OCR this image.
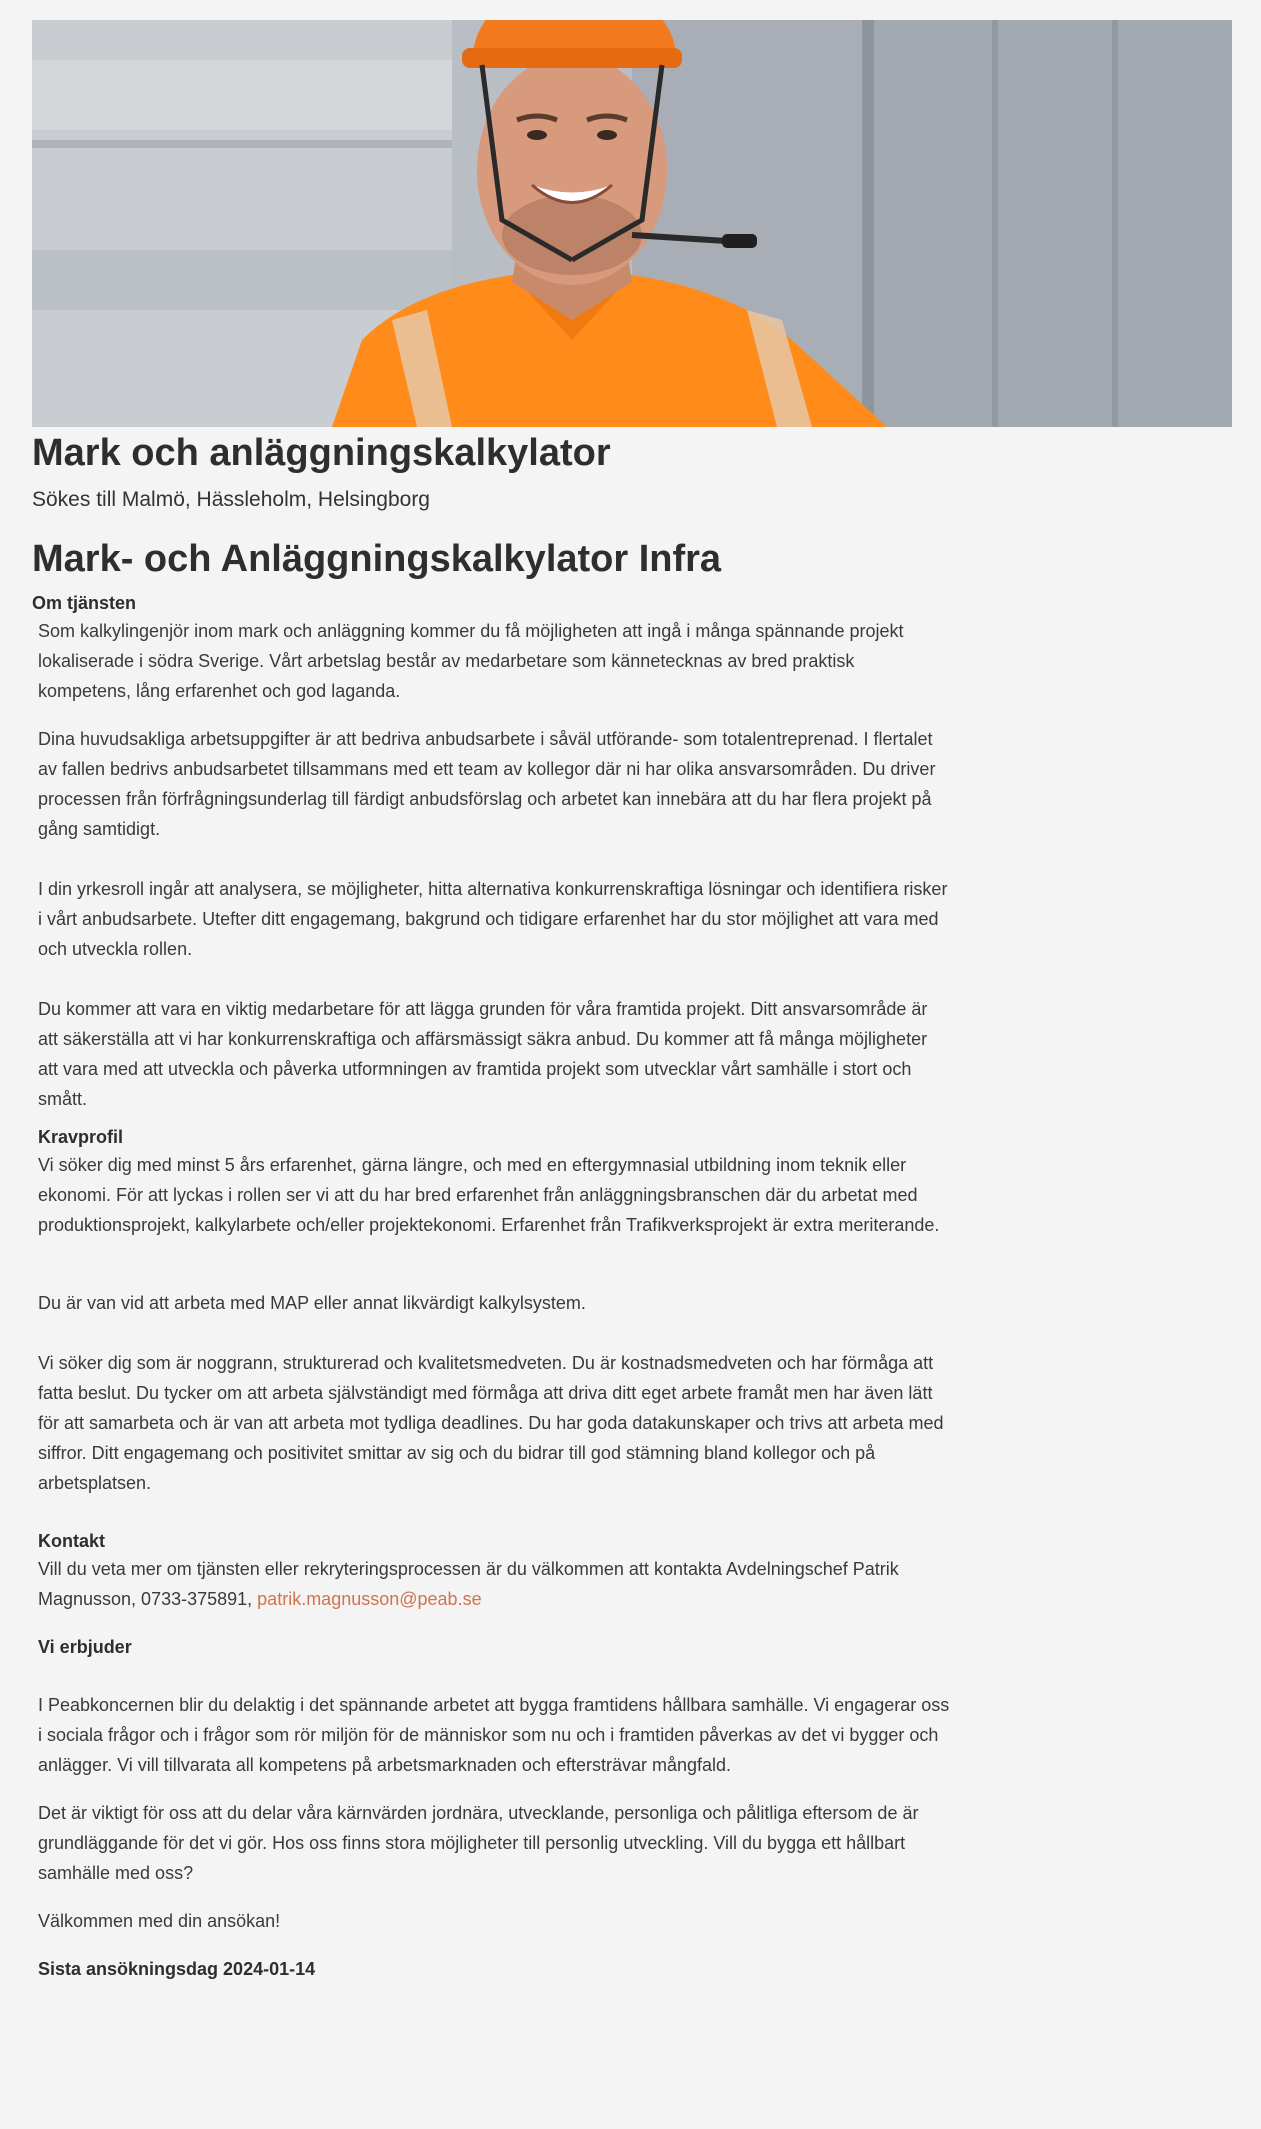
Mark och anläggningskalkylator
Sökes till Malmö, Hässleholm, Helsingborg
Mark- och Anläggningskalkylator Infra
Om tjänsten

Som kalkylingenjör inom mark och anläggning kommer du få möjligheten att ingå i många spännande projekt lokaliserade i södra Sverige. Vårt arbetslag består av medarbetare som kännetecknas av bred praktisk kompetens, lång erfarenhet och god laganda.

Dina huvudsakliga arbetsuppgifter är att bedriva anbudsarbete i såväl utförande- som totalentreprenad. I flertalet av fallen bedrivs anbudsarbetet tillsammans med ett team av kollegor där ni har olika ansvarsområden. Du driver processen från förfrågningsunderlag till färdigt anbudsförslag och arbetet kan innebära att du har flera projekt på gång samtidigt.

I din yrkesroll ingår att analysera, se möjligheter, hitta alternativa konkurrenskraftiga lösningar och identifiera risker i vårt anbudsarbete. Utefter ditt engagemang, bakgrund och tidigare erfarenhet har du stor möjlighet att vara med och utveckla rollen.

Du kommer att vara en viktig medarbetare för att lägga grunden för våra framtida projekt. Ditt ansvarsområde är att säkerställa att vi har konkurrenskraftiga och affärsmässigt säkra anbud. Du kommer att få många möjligheter att vara med att utveckla och påverka utformningen av framtida projekt som utvecklar vårt samhälle i stort och smått.

Kravprofil

Vi söker dig med minst 5 års erfarenhet, gärna längre, och med en eftergymnasial utbildning inom teknik eller ekonomi. För att lyckas i rollen ser vi att du har bred erfarenhet från anläggningsbranschen där du arbetat med produktionsprojekt, kalkylarbete och/eller projektekonomi. Erfarenhet från Trafikverksprojekt är extra meriterande.

Du är van vid att arbeta med MAP eller annat likvärdigt kalkylsystem.

Vi söker dig som är noggrann, strukturerad och kvalitetsmedveten. Du är kostnadsmedveten och har förmåga att fatta beslut. Du tycker om att arbeta självständigt med förmåga att driva ditt eget arbete framåt men har även lätt för att samarbeta och är van att arbeta mot tydliga deadlines. Du har goda datakunskaper och trivs att arbeta med siffror. Ditt engagemang och positivitet smittar av sig och du bidrar till god stämning bland kollegor och på arbetsplatsen.

Kontakt

Vill du veta mer om tjänsten eller rekryteringsprocessen är du välkommen att kontakta Avdelningschef Patrik Magnusson, 0733-375891, patrik.magnusson@peab.se

Vi erbjuder

I Peabkoncernen blir du delaktig i det spännande arbetet att bygga framtidens hållbara samhälle. Vi engagerar oss i sociala frågor och i frågor som rör miljön för de människor som nu och i framtiden påverkas av det vi bygger och anlägger. Vi vill tillvarata all kompetens på arbetsmarknaden och eftersträvar mångfald.

Det är viktigt för oss att du delar våra kärnvärden jordnära, utvecklande, personliga och pålitliga eftersom de är grundläggande för det vi gör. Hos oss finns stora möjligheter till personlig utveckling. Vill du bygga ett hållbart samhälle med oss?

Välkommen med din ansökan!

Sista ansökningsdag 2024-01-14
